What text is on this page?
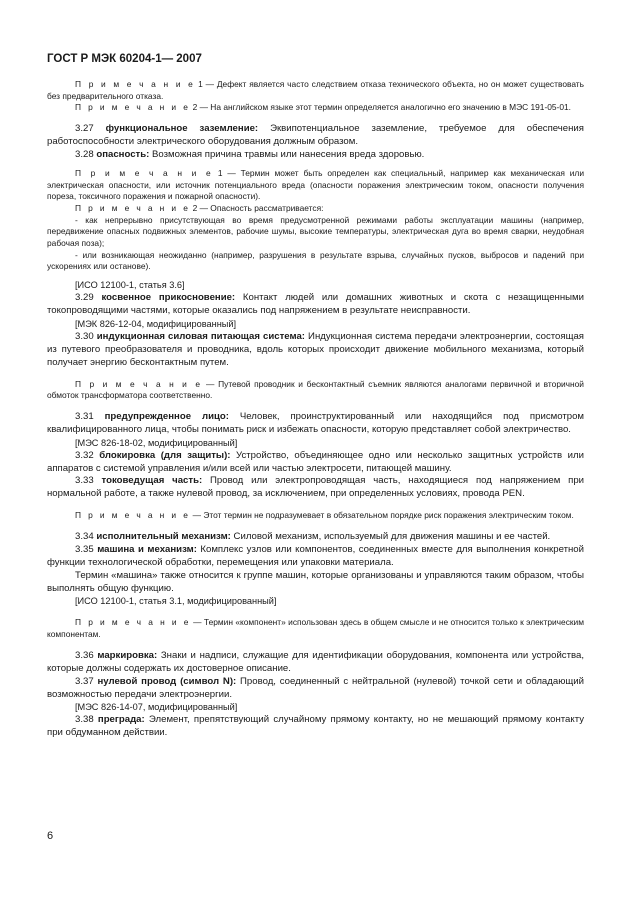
ГОСТ Р МЭК 60204-1— 2007

П р и м е ч а н и е 1 — Дефект является часто следствием отказа технического объекта, но он может существовать без предварительного отказа.

П р и м е ч а н и е 2 — На английском языке этот термин определяется аналогично его значению в МЭС 191-05-01.

3.27 функциональное заземление: Эквипотенциальное заземление, требуемое для обеспечения работоспособности электрического оборудования должным образом.

3.28 опасность: Возможная причина травмы или нанесения вреда здоровью.

П р и м е ч а н и е 1 — Термин может быть определен как специальный, например как механическая или электрическая опасности, или источник потенциального вреда (опасности поражения электрическим током, опасности получения пореза, токсичного поражения и пожарной опасности).

П р и м е ч а н и е 2 — Опасность рассматривается:

- как непрерывно присутствующая во время предусмотренной режимами работы эксплуатации машины (например, передвижение опасных подвижных элементов, рабочие шумы, высокие температуры, электрическая дуга во время сварки, неудобная рабочая поза);

- или возникающая неожиданно (например, разрушения в результате взрыва, случайных пусков, выбросов и падений при ускорениях или останове).

[ИСО 12100-1, статья 3.6]

3.29 косвенное прикосновение: Контакт людей или домашних животных и скота с незащищенными токопроводящими частями, которые оказались под напряжением в результате неисправности.

[МЭК 826-12-04, модифицированный]

3.30 индукционная силовая питающая система: Индукционная система передачи электроэнергии, состоящая из путевого преобразователя и проводника, вдоль которых происходит движение мобильного механизма, который получает энергию бесконтактным путем.

П р и м е ч а н и е — Путевой проводник и бесконтактный съемник являются аналогами первичной и вторичной обмоток трансформатора соответственно.

3.31 предупрежденное лицо: Человек, проинструктированный или находящийся под присмотром квалифицированного лица, чтобы понимать риск и избежать опасности, которую представляет собой электричество.

[МЭС 826-18-02, модифицированный]

3.32 блокировка (для защиты): Устройство, объединяющее одно или несколько защитных устройств или аппаратов с системой управления и/или всей или частью электросети, питающей машину.

3.33 токоведущая часть: Провод или электропроводящая часть, находящиеся под напряжением при нормальной работе, а также нулевой провод, за исключением, при определенных условиях, провода PEN.

П р и м е ч а н и е — Этот термин не подразумевает в обязательном порядке риск поражения электрическим током.

3.34 исполнительный механизм: Силовой механизм, используемый для движения машины и ее частей.

3.35 машина и механизм: Комплекс узлов или компонентов, соединенных вместе для выполнения конкретной функции технологической обработки, перемещения или упаковки материала.

Термин «машина» также относится к группе машин, которые организованы и управляются таким образом, чтобы выполнять общую функцию.

[ИСО 12100-1, статья 3.1, модифицированный]

П р и м е ч а н и е — Термин «компонент» использован здесь в общем смысле и не относится только к электрическим компонентам.

3.36 маркировка: Знаки и надписи, служащие для идентификации оборудования, компонента или устройства, которые должны содержать их достоверное описание.

3.37 нулевой провод (символ N): Провод, соединенный с нейтральной (нулевой) точкой сети и обладающий возможностью передачи электроэнергии.

[МЭС 826-14-07, модифицированный]

3.38 преграда: Элемент, препятствующий случайному прямому контакту, но не мешающий прямому контакту при обдуманном действии.

6
